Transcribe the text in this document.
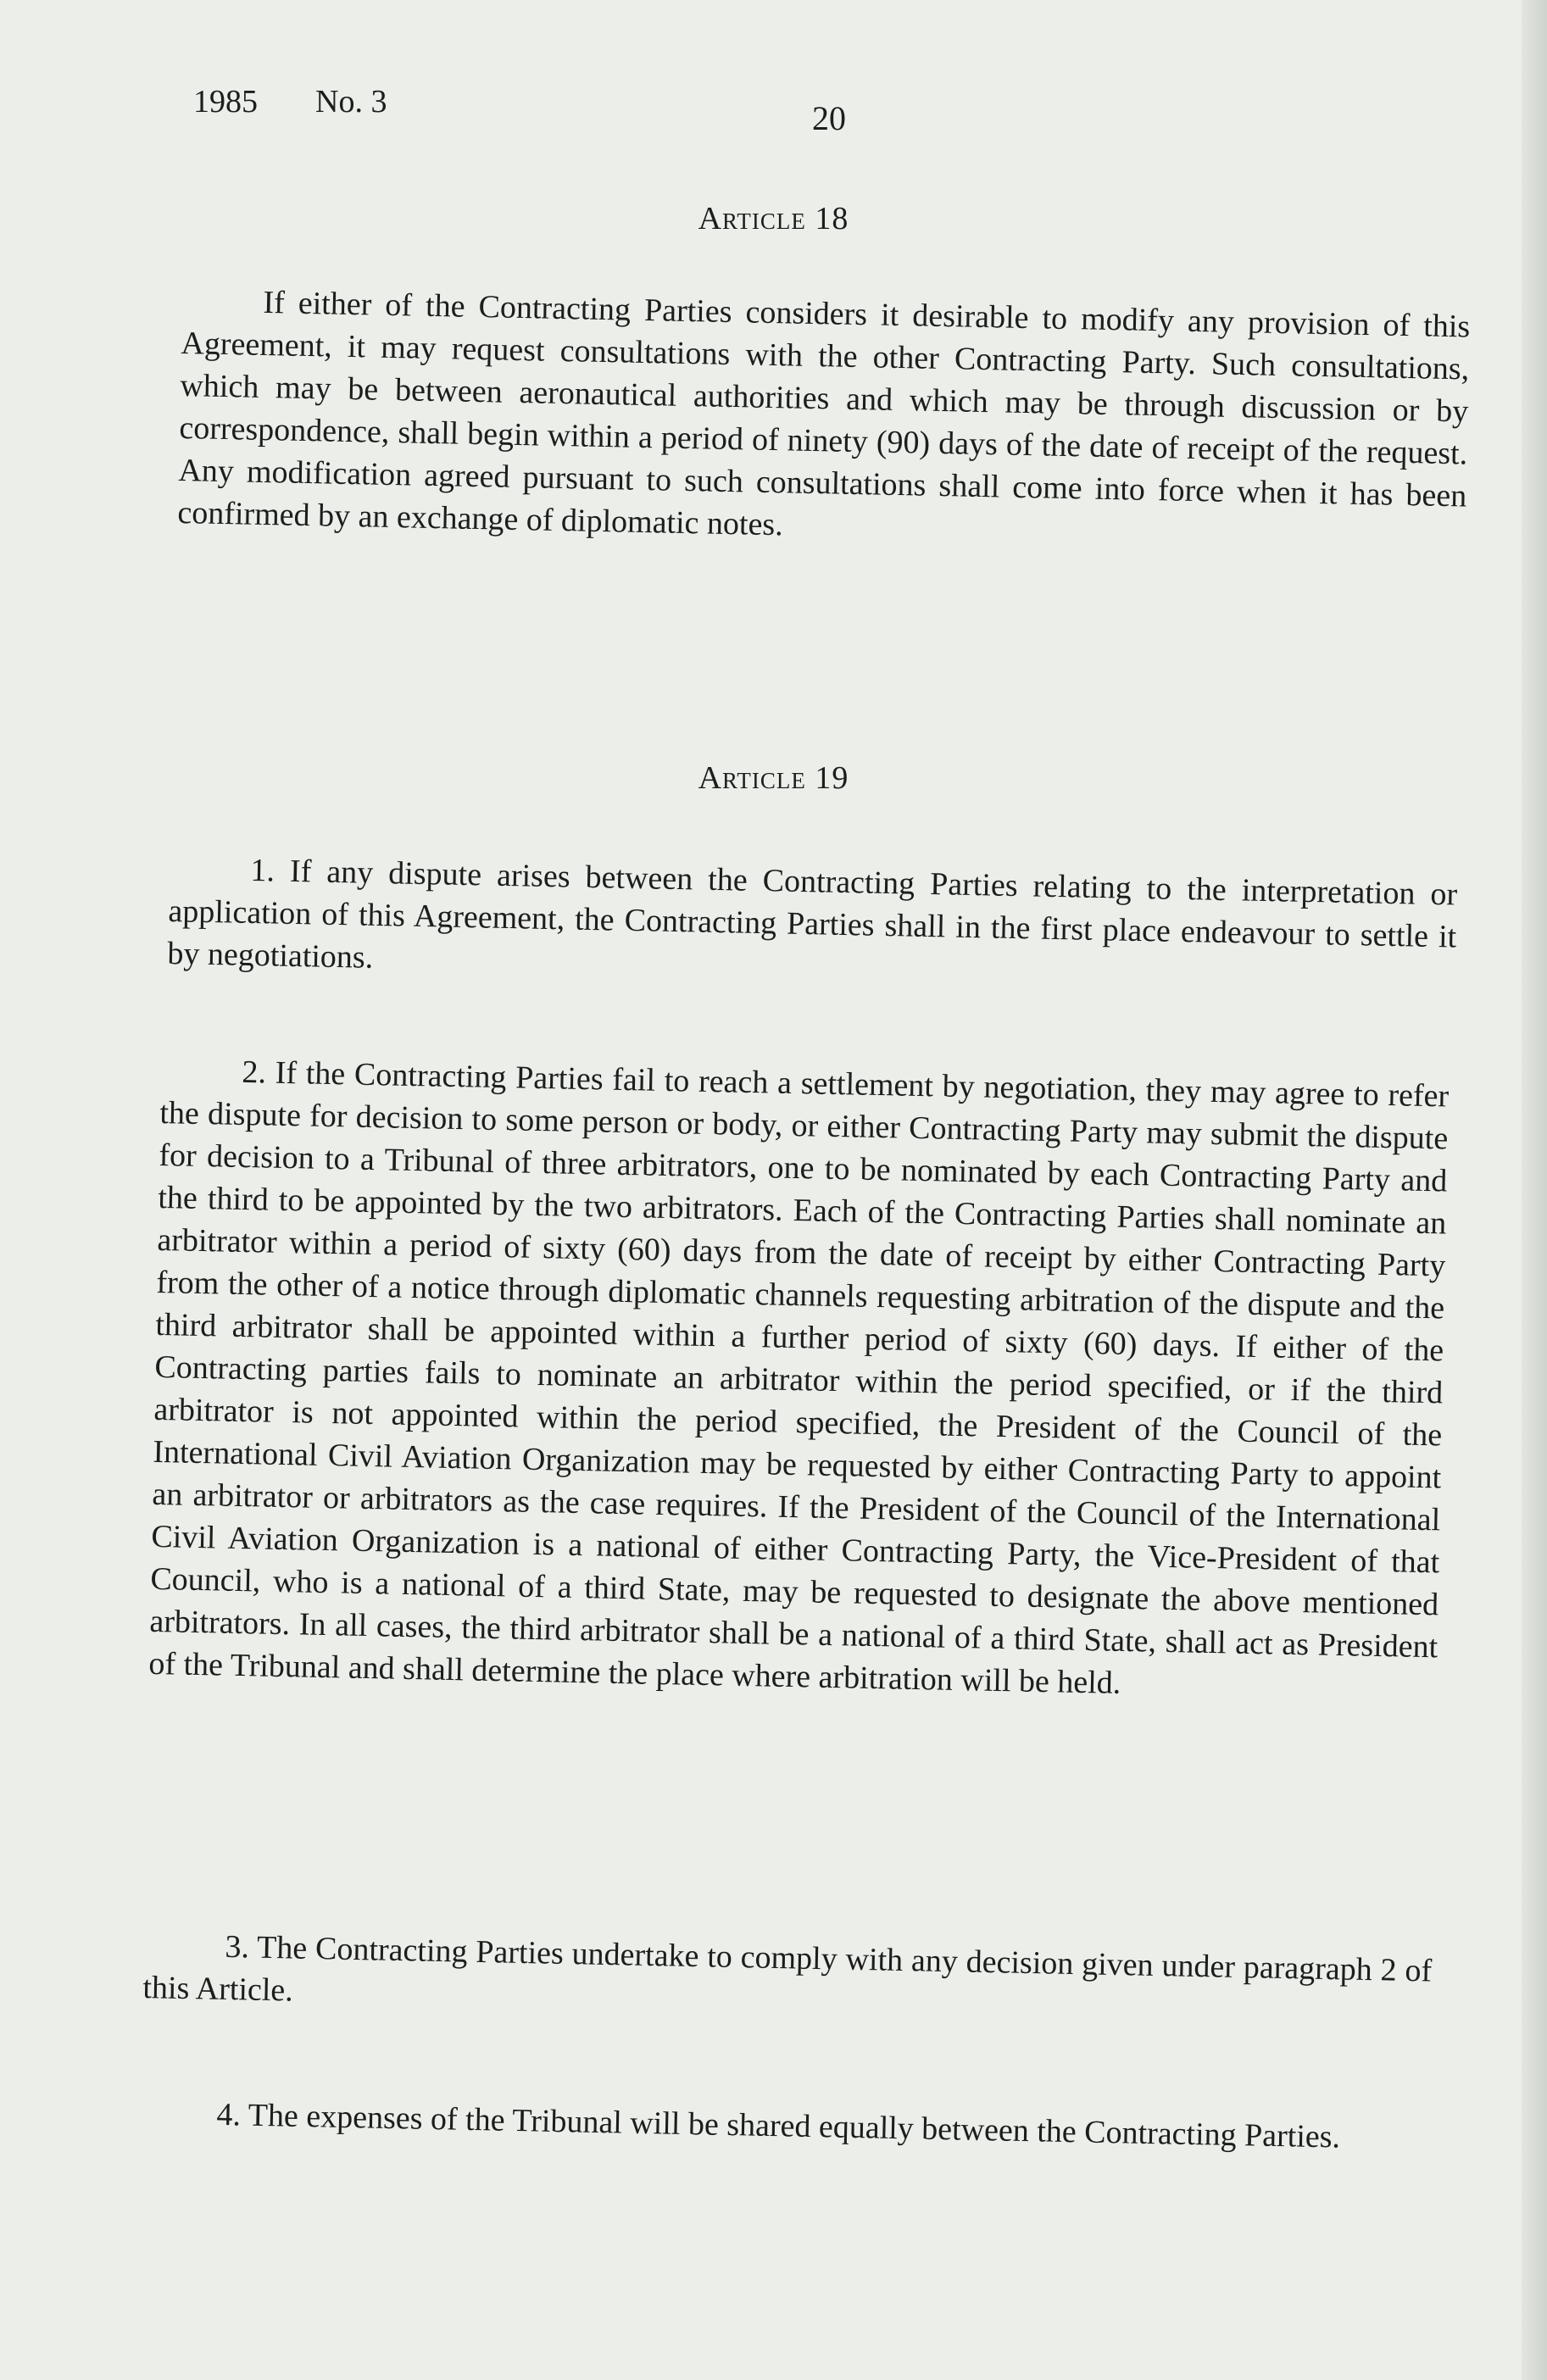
1985 No. 3	20
Article 18
If either of the Contracting Parties considers it desirable to modify any provision of this Agreement, it may request consultations with the other Contracting Party. Such consultations, which may be between aeronautical authorities and which may be through discussion or by correspondence, shall begin within a period of ninety (90) days of the date of receipt of the request. Any modification agreed pursuant to such consultations shall come into force when it has been confirmed by an exchange of diplomatic notes.
Article 19
1. If any dispute arises between the Contracting Parties relating to the interpretation or application of this Agreement, the Contracting Parties shall in the first place endeavour to settle it by negotiations.
2. If the Contracting Parties fail to reach a settlement by negotiation, they may agree to refer the dispute for decision to some person or body, or either Contracting Party may submit the dispute for decision to a Tribunal of three arbitrators, one to be nominated by each Contracting Party and the third to be appointed by the two arbitrators. Each of the Contracting Parties shall nominate an arbitrator within a period of sixty (60) days from the date of receipt by either Contracting Party from the other of a notice through diplomatic channels requesting arbitration of the dispute and the third arbitrator shall be appointed within a further period of sixty (60) days. If either of the Contracting parties fails to nominate an arbitrator within the period specified, or if the third arbitrator is not appointed within the period specified, the President of the Council of the International Civil Aviation Organization may be requested by either Contracting Party to appoint an arbitrator or arbitrators as the case requires. If the President of the Council of the International Civil Aviation Organization is a national of either Contracting Party, the Vice-President of that Council, who is a national of a third State, may be requested to designate the above mentioned arbitrators. In all cases, the third arbitrator shall be a national of a third State, shall act as President of the Tribunal and shall determine the place where arbitration will be held.
3. The Contracting Parties undertake to comply with any decision given under paragraph 2 of this Article.
4. The expenses of the Tribunal will be shared equally between the Contracting Parties.
